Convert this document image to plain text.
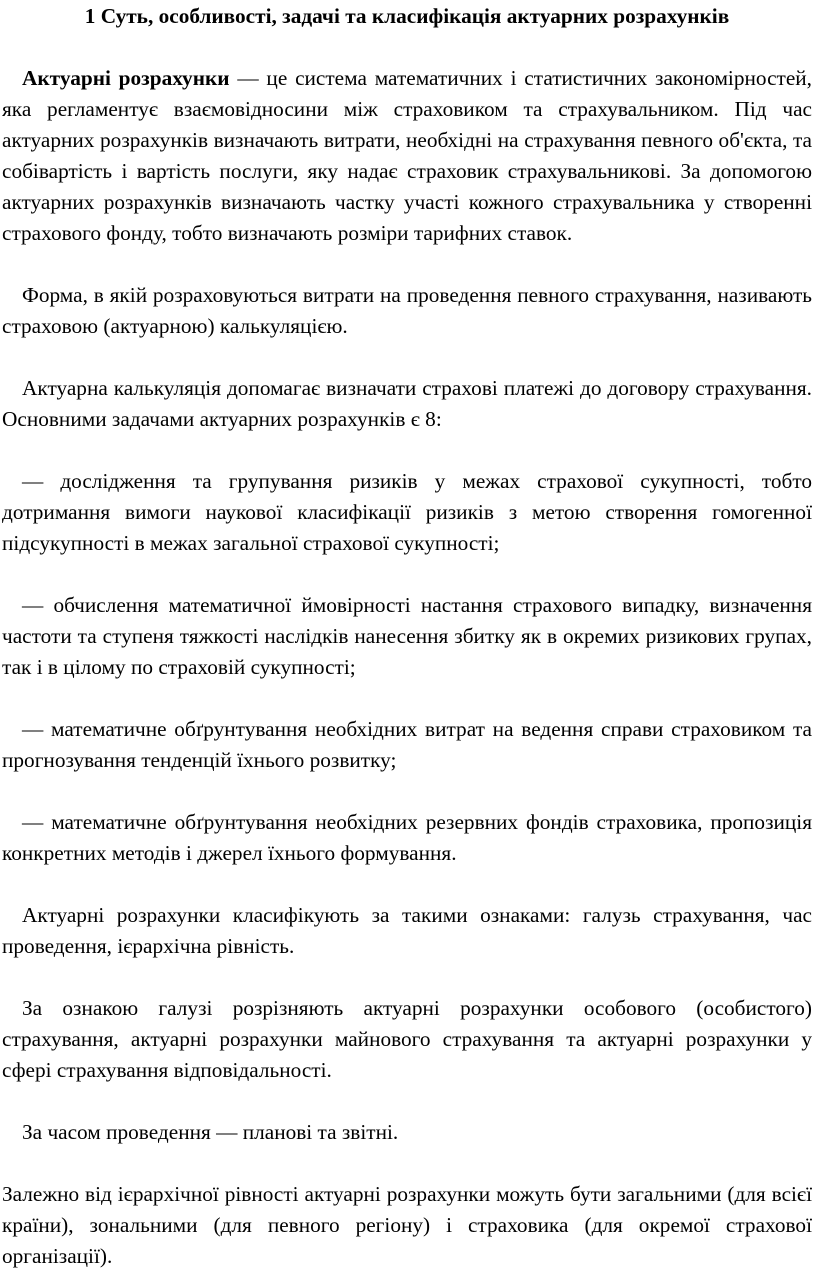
1 Суть, особливості, задачі та класифікація актуарних розрахунків

Актуарні розрахунки — це система математичних і статистичних закономірностей, яка регламентує взаємовідносини між страховиком та страхувальником. Під час актуарних розрахунків визначають витрати, необхідні на страхування певного об'єкта, та собівартість і вартість послуги, яку надає страховик страхувальникові. За допомогою актуарних розрахунків визначають частку участі кожного страхувальника у створенні страхового фонду, тобто визначають розміри тарифних ставок.

Форма, в якій розраховуються витрати на проведення певного страхування, називають страховою (актуарною) калькуляцією.

Актуарна калькуляція допомагає визначати страхові платежі до договору страхування. Основними задачами актуарних розрахунків є 8:

— дослідження та групування ризиків у межах страхової сукупності, тобто дотримання вимоги наукової класифікації ризиків з метою створення гомогенної підсукупності в межах загальної страхової сукупності;

— обчислення математичної ймовірності настання страхового випадку, визначення частоти та ступеня тяжкості наслідків нанесення збитку як в окремих ризикових групах, так і в цілому по страховій сукупності;

— математичне обґрунтування необхідних витрат на ведення справи страховиком та прогнозування тенденцій їхнього розвитку;

— математичне обґрунтування необхідних резервних фондів страховика, пропозиція конкретних методів і джерел їхнього формування.

Актуарні розрахунки класифікують за такими ознаками: галузь страхування, час проведення, ієрархічна рівність.

За ознакою галузі розрізняють актуарні розрахунки особового (особистого) страхування, актуарні розрахунки майнового страхування та актуарні розрахунки у сфері страхування відповідальності.

За часом проведення — планові та звітні.

Залежно від ієрархічної рівності актуарні розрахунки можуть бути загальними (для всієї країни), зональними (для певного регіону) і страховика (для окремої страхової організації).
